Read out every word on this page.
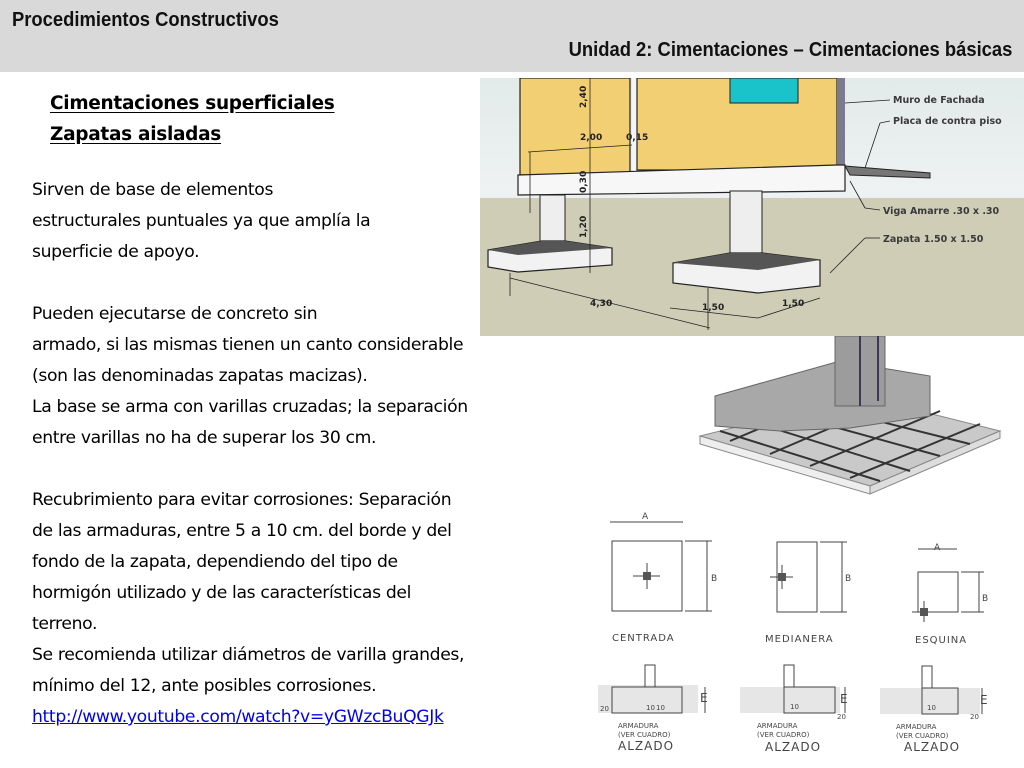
Procedimientos Constructivos
Unidad 2: Cimentaciones – Cimentaciones básicas
Cimentaciones superficiales
Zapatas aisladas

Sirven de base de elementos

estructurales puntuales ya que amplía la

superficie de apoyo.

Pueden ejecutarse de concreto sin

armado, si las mismas tienen un canto considerable

(son las denominadas zapatas macizas).

La base se arma con varillas cruzadas; la separación

entre varillas no ha de superar los 30 cm.

Recubrimiento para evitar corrosiones: Separación

de las armaduras, entre 5 a 10 cm. del borde y del

fondo de la zapata, dependiendo del tipo de

hormigón utilizado y de las características del

terreno.

Se recomienda utilizar diámetros de varilla grandes,

mínimo del 12, ante posibles corrosiones.

http://www.youtube.com/watch?v=yGWzcBuQGJk

2,40
2,00	0,15
0,30
1,20
4,30	1,50	1,50
Muro de Fachada
Placa de contra piso
Viga Amarre .30 x .30
Zapata 1.50 x 1.50
A
B	B
A
B
CENTRADA	MEDIANERA	ESQUINA
10 10
20	10
20
10
20
ARMADURA
(VER CUADRO)
ARMADURA
(VER CUADRO)
ARMADURA
(VER CUADRO)
E	E	E
ALZADO	ALZADO	ALZADO
